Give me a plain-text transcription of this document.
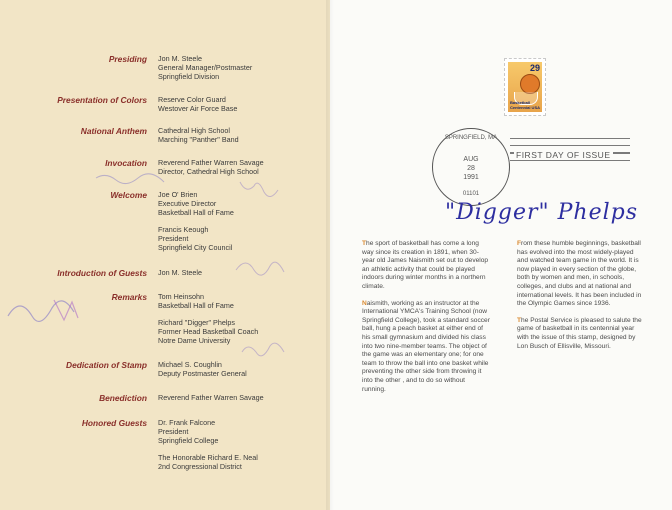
Presiding Jon M. Steele
General Manager/Postmaster
Springfield Division
Presentation of Colors Reserve Color Guard
Westover Air Force Base
National Anthem Cathedral High School
Marching "Panther" Band
Invocation Reverend Father Warren Savage
Director, Cathedral High School
Welcome Joe O' Brien
Executive Director
Basketball Hall of Fame
Francis Keough
President
Springfield City Council
Introduction of Guests Jon M. Steele
Remarks Tom Heinsohn
Basketball Hall of Fame
Richard "Digger" Phelps
Former Head Basketball Coach
Notre Dame University
Dedication of Stamp Michael S. Coughlin
Deputy Postmaster General
Benediction Reverend Father Warren Savage
Honored Guests Dr. Frank Falcone
President
Springfield College
The Honorable Richard E. Neal
2nd Congressional District
29
Basketball Centennial USA
FIRST DAY OF ISSUE
SPRINGFIELD, MA
AUG
28
1991
01101
"Digger" Phelps

The sport of basketball has come a long way since its creation in 1891, when 30-year old James Naismith set out to develop an athletic activity that could be played indoors during winter months in a northern climate.

Naismith, working as an instructor at the International YMCA's Training School (now Springfield College), took a standard soccer ball, hung a peach basket at either end of his small gymnasium and divided his class into two nine-member teams. The object of the game was an elementary one; for one team to throw the ball into one basket while preventing the other side from throwing it into the other , and to do so without running.

From these humble beginnings, basketball has evolved into the most widely-played and watched team game in the world. It is now played in every section of the globe, both by women and men, in schools, colleges, and clubs and at national and international levels. It has been included in the Olympic Games since 1936.

The Postal Service is pleased to salute the game of basketball in its centennial year with the issue of this stamp, designed by Lon Busch of Ellisville, Missouri.
